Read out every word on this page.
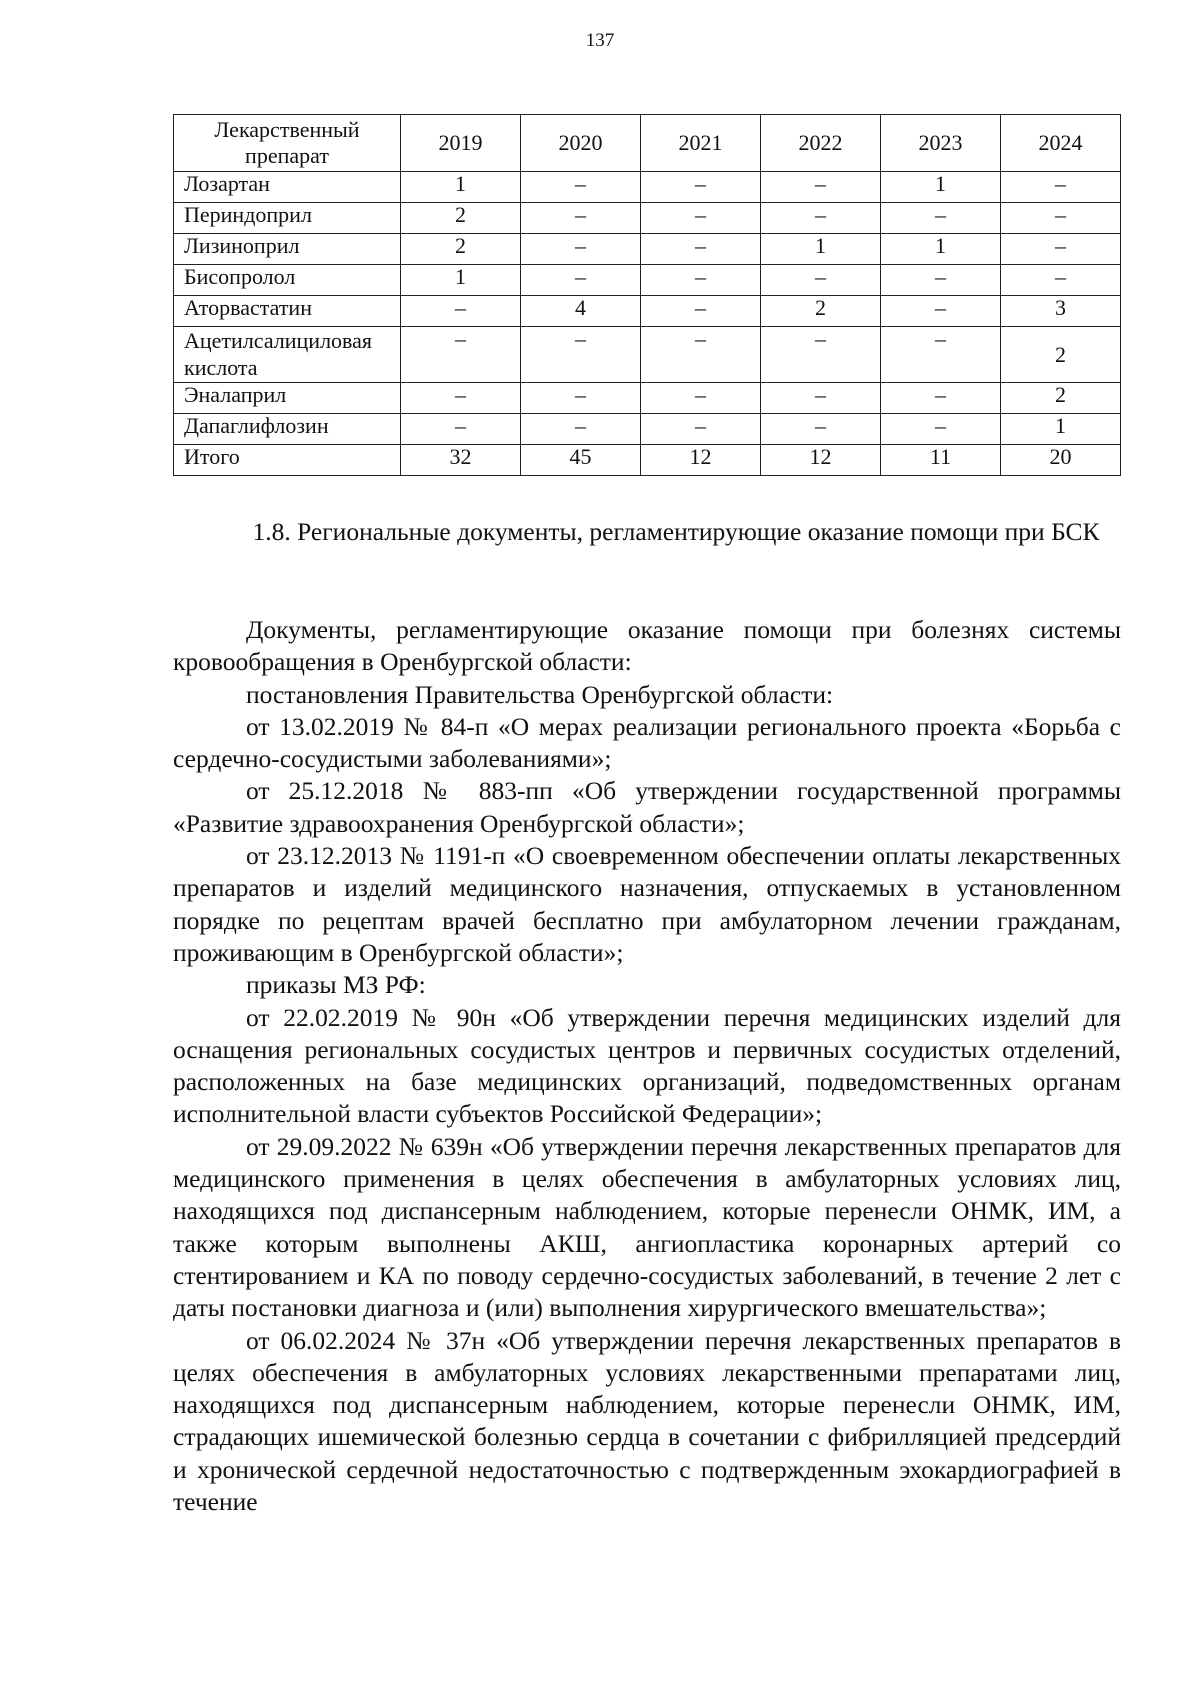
137
Лекарственный препарат	2019	2020	2021	2022	2023	2024
Лозартан	1	–	–	–	1	–
Периндоприл	2	–	–	–	–	–
Лизиноприл	2	–	–	1	1	–
Бисопролол	1	–	–	–	–	–
Аторвастатин	–	4	–	2	–	3
Ацетилсалициловая кислота	–	–	–	–	–	2
Эналаприл	–	–	–	–	–	2
Дапаглифлозин	–	–	–	–	–	1
Итого	32	45	12	12	11	20
1.8. Региональные документы, регламентирующие оказание помощи при БСК

Документы, регламентирующие оказание помощи при болезнях системы кровообращения в Оренбургской области:

постановления Правительства Оренбургской области:

от 13.02.2019 № 84-п «О мерах реализации регионального проекта «Борьба с сердечно-сосудистыми заболеваниями»;

от 25.12.2018 № 883-пп «Об утверждении государственной программы «Развитие здравоохранения Оренбургской области»;

от 23.12.2013 № 1191-п «О своевременном обеспечении оплаты лекарственных препаратов и изделий медицинского назначения, отпускаемых в установленном порядке по рецептам врачей бесплатно при амбулаторном лечении гражданам, проживающим в Оренбургской области»;

приказы МЗ РФ:

от 22.02.2019 № 90н «Об утверждении перечня медицинских изделий для оснащения региональных сосудистых центров и первичных сосудистых отделений, расположенных на базе медицинских организаций, подведомственных органам исполнительной власти субъектов Российской Федерации»;

от 29.09.2022 № 639н «Об утверждении перечня лекарственных препаратов для медицинского применения в целях обеспечения в амбулаторных условиях лиц, находящихся под диспансерным наблюдением, которые перенесли ОНМК, ИМ, а также которым выполнены АКШ, ангиопластика коронарных артерий со стентированием и КА по поводу сердечно-сосудистых заболеваний, в течение 2 лет с даты постановки диагноза и (или) выполнения хирургического вмешательства»;

от 06.02.2024 № 37н «Об утверждении перечня лекарственных препаратов в целях обеспечения в амбулаторных условиях лекарственными препаратами лиц, находящихся под диспансерным наблюдением, которые перенесли ОНМК, ИМ, страдающих ишемической болезнью сердца в сочетании с фибрилляцией предсердий и хронической сердечной недостаточностью с подтвержденным эхокардиографией в течение
